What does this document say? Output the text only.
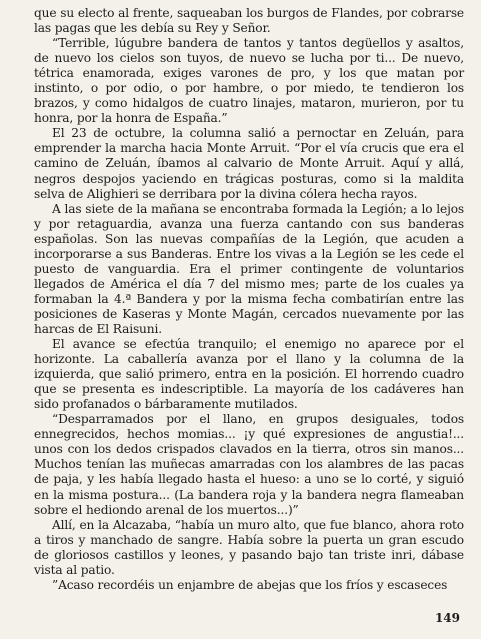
que su electo al frente, saqueaban los burgos de Flandes, por cobrarse las pagas que les debía su Rey y Señor.

“Terrible, lúgubre bandera de tantos y tantos degüellos y asaltos, de nuevo los cielos son tuyos, de nuevo se lucha por ti... De nuevo, tétrica enamorada, exiges varones de pro, y los que matan por instinto, o por odio, o por hambre, o por miedo, te tendieron los brazos, y como hidalgos de cuatro linajes, mataron, murieron, por tu honra, por la honra de España.”

El 23 de octubre, la columna salió a pernoctar en Zeluán, para emprender la marcha hacia Monte Arruit. “Por el vía crucis que era el camino de Zeluán, íbamos al calvario de Monte Arruit. Aquí y allá, negros despojos yaciendo en trágicas posturas, como si la maldita selva de Alighieri se derribara por la divina cólera hecha rayos.

A las siete de la mañana se encontraba formada la Legión; a lo lejos y por retaguardia, avanza una fuerza cantando con sus banderas españolas. Son las nuevas compañías de la Legión, que acuden a incorporarse a sus Banderas. Entre los vivas a la Legión se les cede el puesto de vanguardia. Era el primer contingente de voluntarios llegados de América el día 7 del mismo mes; parte de los cuales ya formaban la 4.ª Bandera y por la misma fecha combatirían entre las posiciones de Kaseras y Monte Magán, cercados nuevamente por las harcas de El Raisuni.

El avance se efectúa tranquilo; el enemigo no aparece por el horizonte. La caballería avanza por el llano y la columna de la izquierda, que salió primero, entra en la posición. El horrendo cuadro que se presenta es indescriptible. La mayoría de los cadáveres han sido profanados o bárbaramente mutilados.

“Desparramados por el llano, en grupos desiguales, todos ennegrecidos, hechos momias... ¡y qué expresiones de angustia!... unos con los dedos crispados clavados en la tierra, otros sin manos... Muchos tenían las muñecas amarradas con los alambres de las pacas de paja, y les había llegado hasta el hueso: a uno se lo corté, y siguió en la misma postura... (La bandera roja y la bandera negra flameaban sobre el hediondo arenal de los muertos...)”

Allí, en la Alcazaba, “había un muro alto, que fue blanco, ahora roto a tiros y manchado de sangre. Había sobre la puerta un gran escudo de gloriosos castillos y leones, y pasando bajo tan triste inri, dábase vista al patio.

”Acaso recordéis un enjambre de abejas que los fríos y escaseces

149
